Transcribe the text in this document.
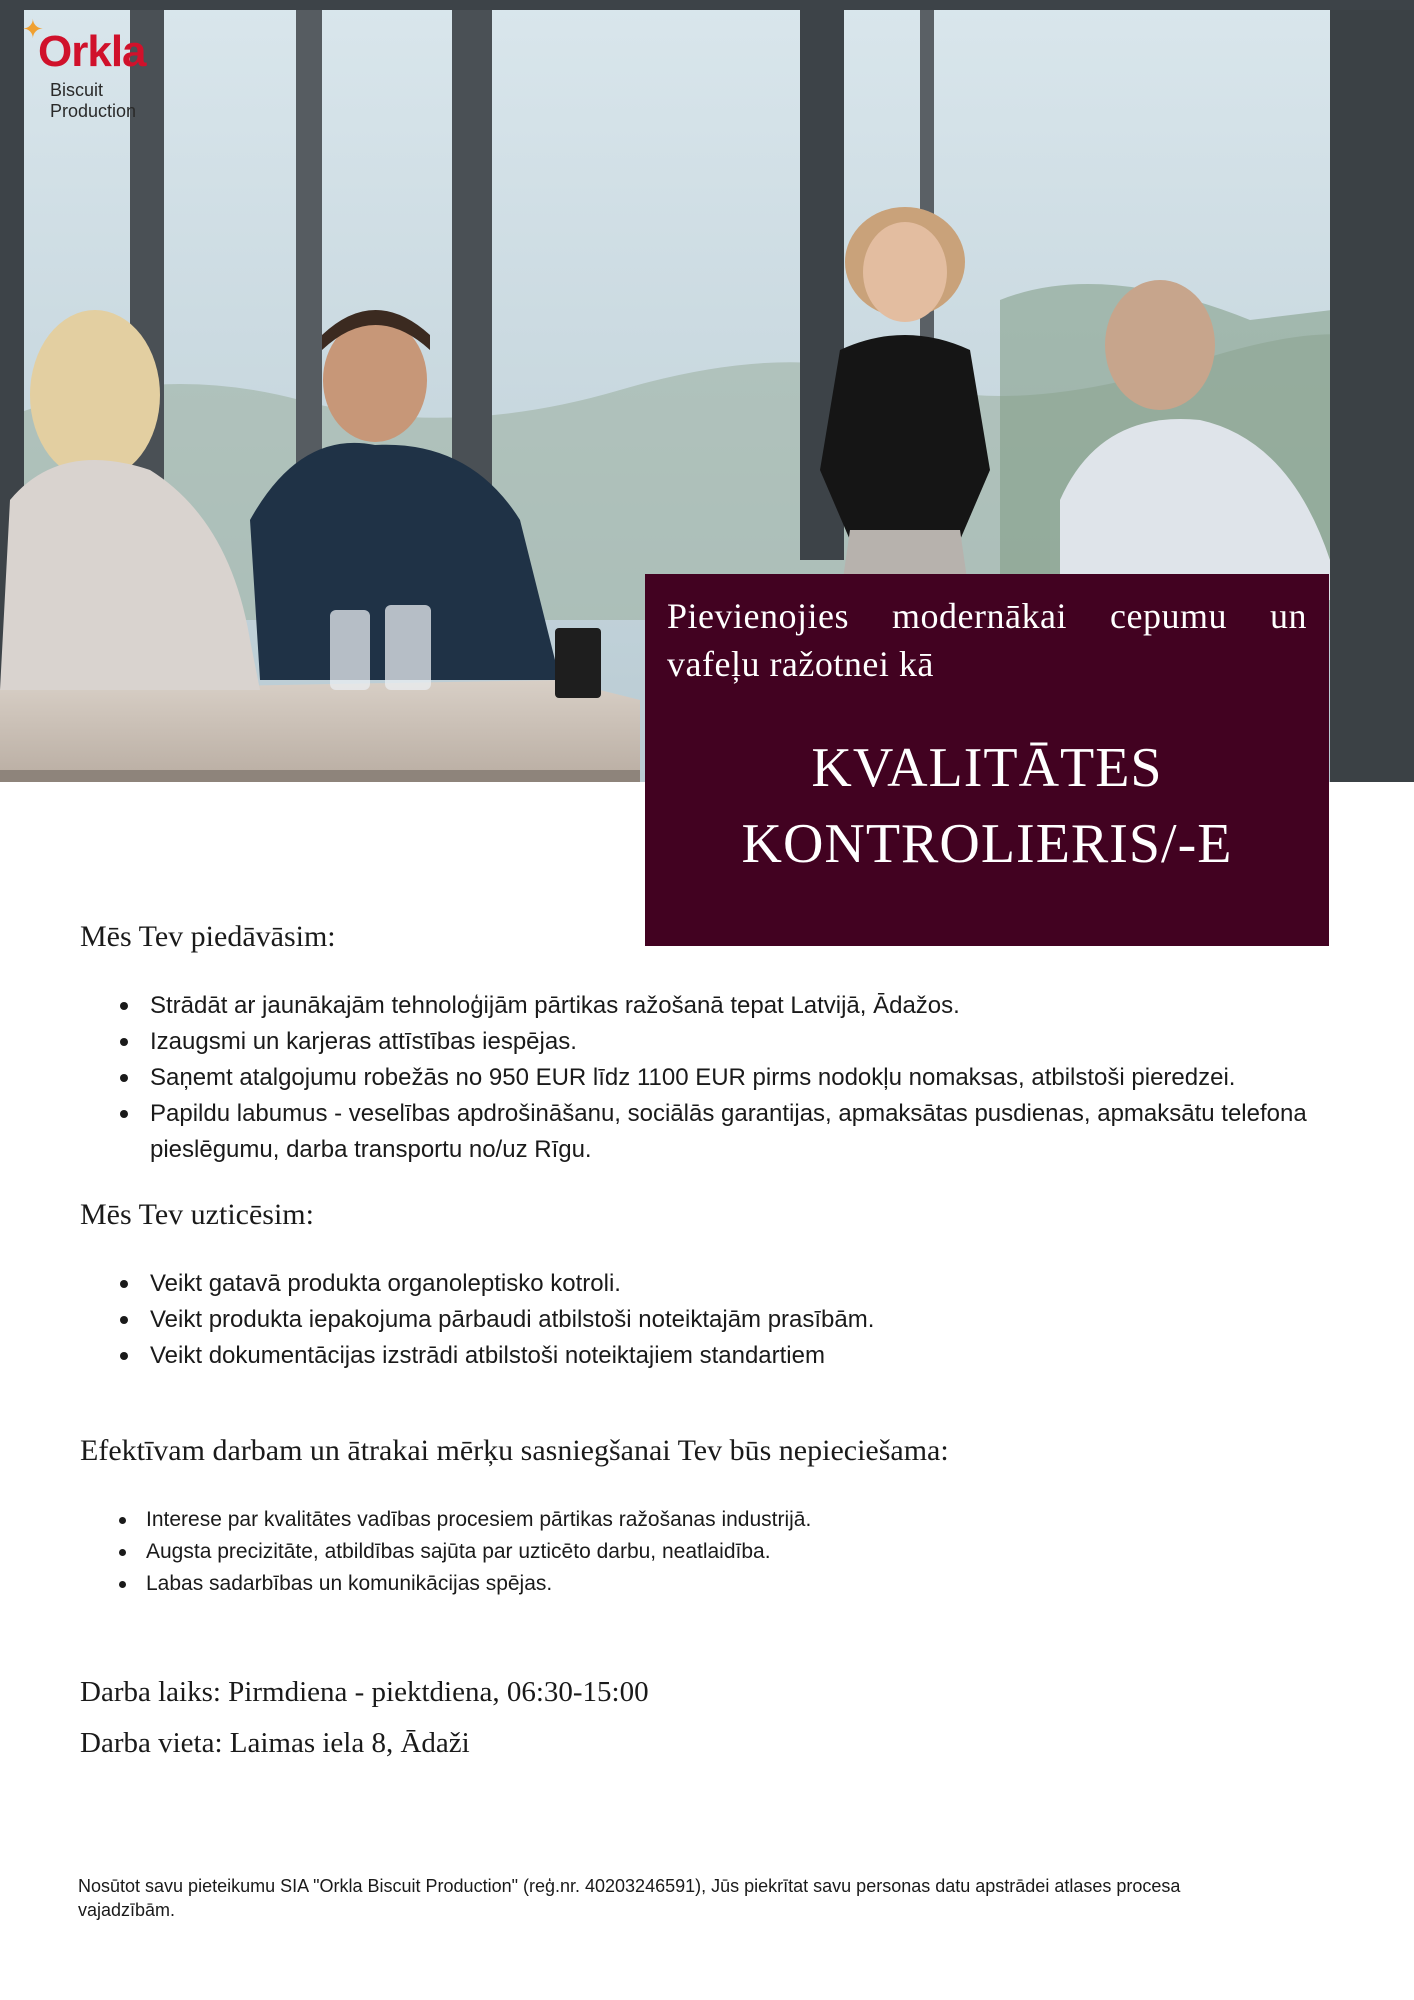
✦
Orkla
Biscuit
Production
Pievienojies modernākai cepumu un vafeļu ražotnei kā
KVALITĀTES
KONTROLIERIS/-E
Mēs Tev piedāvāsim:
Strādāt ar jaunākajām tehnoloģijām pārtikas ražošanā tepat Latvijā, Ādažos.
Izaugsmi un karjeras attīstības iespējas.
Saņemt atalgojumu robežās no 950 EUR līdz 1100 EUR pirms nodokļu nomaksas, atbilstoši pieredzei.
Papildu labumus - veselības apdrošināšanu, sociālās garantijas, apmaksātas pusdienas, apmaksātu telefona pieslēgumu, darba transportu no/uz Rīgu.
Mēs Tev uzticēsim:
Veikt gatavā produkta organoleptisko kotroli.
Veikt produkta iepakojuma pārbaudi atbilstoši noteiktajām prasībām.
Veikt dokumentācijas izstrādi atbilstoši noteiktajiem standartiem
Efektīvam darbam un ātrakai mērķu sasniegšanai Tev būs nepieciešama:
Interese par kvalitātes vadības procesiem pārtikas ražošanas industrijā.
Augsta precizitāte, atbildības sajūta par uzticēto darbu, neatlaidība.
Labas sadarbības un komunikācijas spējas.

Darba laiks: Pirmdiena - piektdiena, 06:30-15:00

Darba vieta: Laimas iela 8, Ādaži

Nosūtot savu pieteikumu SIA "Orkla Biscuit Production" (reģ.nr. 40203246591), Jūs piekrītat savu personas datu apstrādei atlases procesa vajadzībām.
